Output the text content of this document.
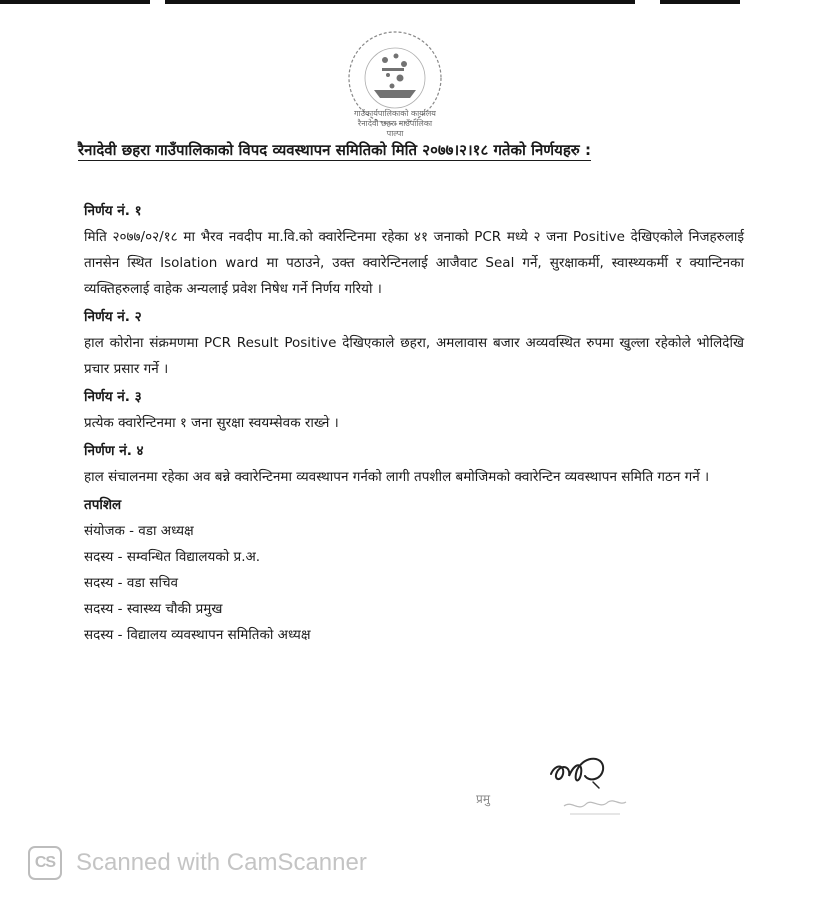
गाउँकार्यपालिकाको कार्यालय
रैनादेवी छहरा गाउँपालिका
पाल्पा
रैनादेवी छहरा गाउँपालिकाको विपद व्यवस्थापन समितिको मिति २०७७।२।१८ गतेको निर्णयहरु :
निर्णय नं. १
मिति २०७७/०२/१८ मा भैरव नवदीप मा.वि.को क्वारेन्टिनमा रहेका ४१ जनाको PCR मध्ये २ जना Positive देखिएकोले निजहरुलाई तानसेन स्थित Isolation ward मा पठाउने, उक्त क्वारेन्टिनलाई आजैवाट Seal गर्ने, सुरक्षाकर्मी, स्वास्थ्यकर्मी र क्यान्टिनका व्यक्तिहरुलाई वाहेक अन्यलाई प्रवेश निषेध गर्ने निर्णय गरियो ।
निर्णय नं. २
हाल कोरोना संक्रमणमा PCR Result Positive देखिएकाले छहरा, अमलावास बजार अव्यवस्थित रुपमा खुल्ला रहेकोले भोलिदेखि प्रचार प्रसार गर्ने ।
निर्णय नं. ३
प्रत्येक क्वारेन्टिनमा १ जना सुरक्षा स्वयम्सेवक राख्ने ।
निर्णण नं. ४
हाल संचालनमा रहेका अव बन्ने क्वारेन्टिनमा व्यवस्थापन गर्नको लागी तपशील बमोजिमको क्वारेन्टिन व्यवस्थापन समिति गठन गर्ने ।
तपशिल
संयोजक - वडा अध्यक्ष
सदस्य - सम्वन्धित विद्यालयको प्र.अ.
सदस्य - वडा सचिव
सदस्य - स्वास्थ्य चौकी प्रमुख
सदस्य - विद्यालय व्यवस्थापन समितिको अध्यक्ष
प्रमु
CS Scanned with CamScanner
